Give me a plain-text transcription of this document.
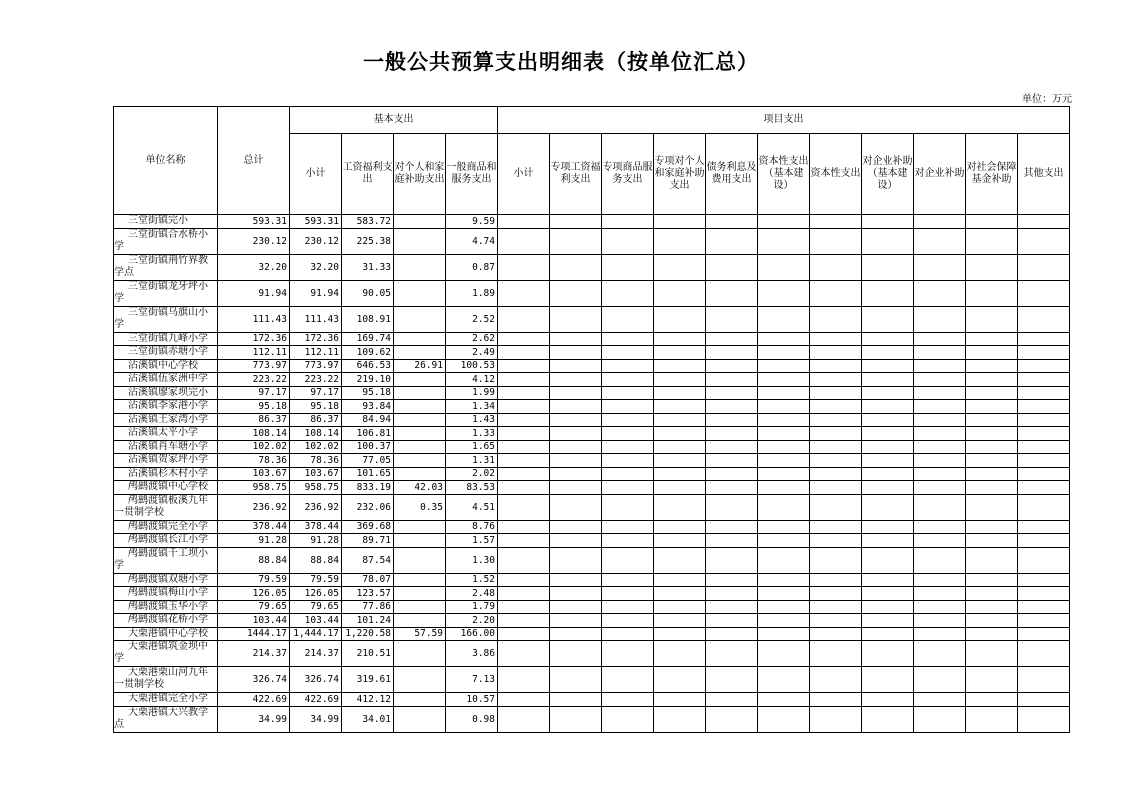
一般公共预算支出明细表（按单位汇总）
单位：万元
单位名称	总计	基本支出				项目支出										
		小计	工资福利支出	对个人和家庭补助支出	一般商品和服务支出	小计	专项工资福利支出	专项商品服务支出	专项对个人和家庭补助支出	债务利息及费用支出	资本性支出（基本建设）	资本性支出	对企业补助（基本建设）	对企业补助	对社会保障基金补助	其他支出
三堂街镇完小	593.31	593.31	583.72		9.59											
三堂街镇合水桥小学	230.12	230.12	225.38		4.74											
三堂街镇荆竹界教学点	32.20	32.20	31.33		0.87											
三堂街镇龙牙坪小学	91.94	91.94	90.05		1.89											
三堂街镇乌旗山小学	111.43	111.43	108.91		2.52											
三堂街镇九峰小学	172.36	172.36	169.74		2.62											
三堂街镇赤塘小学	112.11	112.11	109.62		2.49											
沾溪镇中心学校	773.97	773.97	646.53	26.91	100.53											
沾溪镇伍家洲中学	223.22	223.22	219.10		4.12											
沾溪镇廖家坝完小	97.17	97.17	95.18		1.99											
沾溪镇李家港小学	95.18	95.18	93.84		1.34											
沾溪镇王家湾小学	86.37	86.37	84.94		1.43											
沾溪镇太平小学	108.14	108.14	106.81		1.33											
沾溪镇肖车塘小学	102.02	102.02	100.37		1.65											
沾溪镇贺家坪小学	78.36	78.36	77.05		1.31											
沾溪镇杉木村小学	103.67	103.67	101.65		2.02											
鸬鹚渡镇中心学校	958.75	958.75	833.19	42.03	83.53											
鸬鹚渡镇板溪九年一贯制学校	236.92	236.92	232.06	0.35	4.51											
鸬鹚渡镇完全小学	378.44	378.44	369.68		8.76											
鸬鹚渡镇长江小学	91.28	91.28	89.71		1.57											
鸬鹚渡镇千工坝小学	88.84	88.84	87.54		1.30											
鸬鹚渡镇双塘小学	79.59	79.59	78.07		1.52											
鸬鹚渡镇梅山小学	126.05	126.05	123.57		2.48											
鸬鹚渡镇玉华小学	79.65	79.65	77.86		1.79											
鸬鹚渡镇花桥小学	103.44	103.44	101.24		2.20											
大栗港镇中心学校	1444.17	1,444.17	1,220.58	57.59	166.00											
大栗港镇筑金坝中学	214.37	214.37	210.51		3.86											
大栗港栗山河九年一贯制学校	326.74	326.74	319.61		7.13											
大栗港镇完全小学	422.69	422.69	412.12		10.57											
大栗港镇大兴教学点	34.99	34.99	34.01		0.98											
